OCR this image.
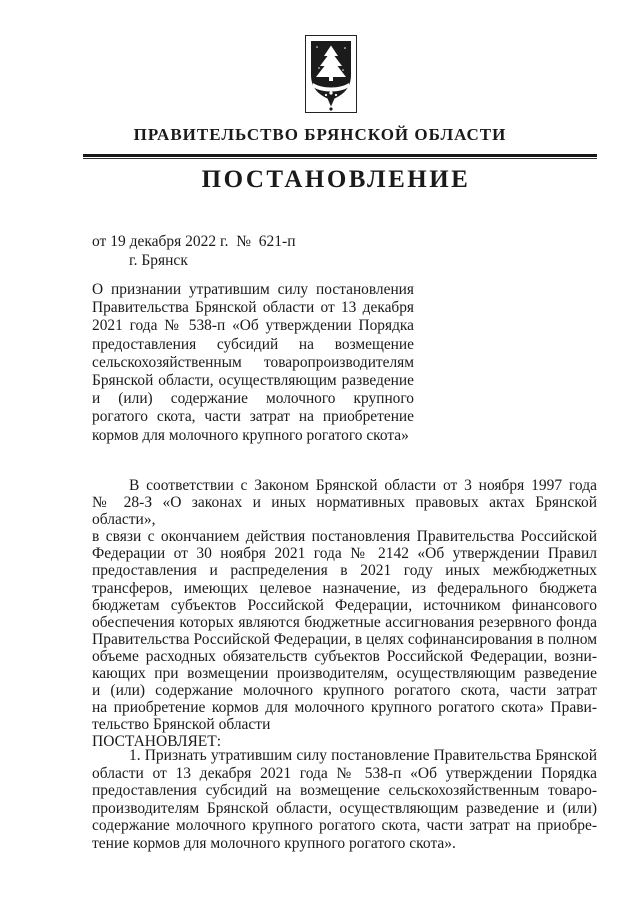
ПРАВИТЕЛЬСТВО БРЯНСКОЙ ОБЛАСТИ
ПОСТАНОВЛЕНИЕ
от 19 декабря 2022 г.  №  621-п
г. Брянск
О признании утратившим силу постановления
Правительства Брянской области от 13 декабря
2021 года № 538-п «Об утверждении Порядка
предоставления субсидий на возмещение
сельскохозяйственным товаропроизводителям
Брянской области, осуществляющим разведение
и (или) содержание молочного крупного
рогатого скота, части затрат на приобретение
кормов для молочного крупного рогатого скота»
В соответствии с Законом Брянской области от 3 ноября 1997 года
№ 28-З «О законах и иных нормативных правовых актах Брянской области»,
в связи с окончанием действия постановления Правительства Российской
Федерации от 30 ноября 2021 года № 2142 «Об утверждении Правил
предоставления и распределения в 2021 году иных межбюджетных
трансферов, имеющих целевое назначение, из федерального бюджета
бюджетам субъектов Российской Федерации, источником финансового
обеспечения которых являются бюджетные ассигнования резервного фонда
Правительства Российской Федерации, в целях софинансирования в полном
объеме расходных обязательств субъектов Российской Федерации, возни-
кающих при возмещении производителям, осуществляющим разведение
и (или) содержание молочного крупного рогатого скота, части затрат
на приобретение кормов для молочного крупного рогатого скота» Прави-
тельство Брянской области
ПОСТАНОВЛЯЕТ:
1. Признать утратившим силу постановление Правительства Брянской
области от 13 декабря 2021 года № 538-п «Об утверждении Порядка
предоставления субсидий на возмещение сельскохозяйственным товаро-
производителям Брянской области, осуществляющим разведение и (или)
содержание молочного крупного рогатого скота, части затрат на приобре-
тение кормов для молочного крупного рогатого скота».
